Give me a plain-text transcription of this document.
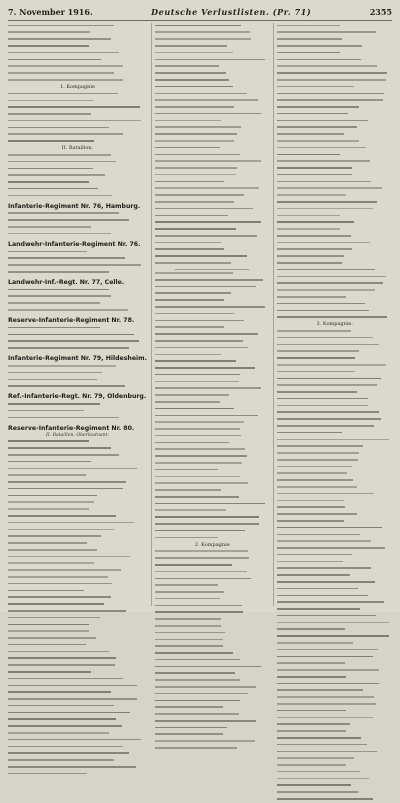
7. November 1916.	Deutsche Verlustlisten. (Pr. 71)	2355
1. Kompagnie
II. Bataillon.
Infanterie-Regiment Nr. 76, Hamburg.
Landwehr-Infanterie-Regiment Nr. 76.
Landwehr-Inf.-Regt. Nr. 77, Celle.
Reserve-Infanterie-Regiment Nr. 78.
Infanterie-Regiment Nr. 79, Hildesheim.
Ref.-Infanterie-Regt. Nr. 79, Oldenburg.
Reserve-Infanterie-Regiment Nr. 80.
II. Bataillon, Oberleutnant.
2. Kompagnie
3. Kompagnie.
